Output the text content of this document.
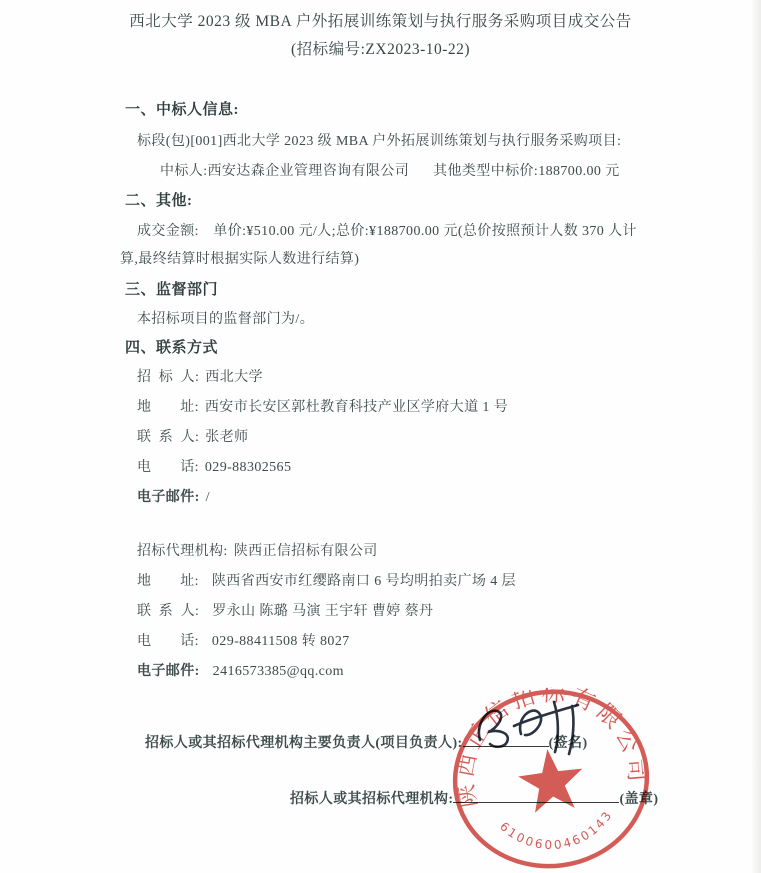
西北大学 2023 级 MBA 户外拓展训练策划与执行服务采购项目成交公告
(招标编号:ZX2023-10-22)
一、中标人信息:
标段(包)[001]西北大学 2023 级 MBA 户外拓展训练策划与执行服务采购项目:
中标人:西安达森企业管理咨询有限公司 其他类型中标价:188700.00 元
二、其他:
成交金额:　单价:¥510.00 元/人;总价:¥188700.00 元(总价按照预计人数 370 人计
算,最终结算时根据实际人数进行结算)
三、监督部门
本招标项目的监督部门为/。
四、联系方式
招 标 人: 西北大学
地　　址: 西安市长安区郭杜教育科技产业区学府大道 1 号
联 系 人: 张老师
电　　话: 029-88302565
电子邮件: /
招标代理机构: 陕西正信招标有限公司
地　　址: 陕西省西安市红缨路南口 6 号均明拍卖广场 4 层
联 系 人: 罗永山 陈璐 马演 王宇轩 曹婷 蔡丹
电　　话: 029-88411508 转 8027
电子邮件: 2416573385@qq.com
招标人或其招标代理机构主要负责人(项目负责人):	(签名)
招标人或其招标代理机构:	(盖章)
陕西正信招标有限公司
6100600460143
